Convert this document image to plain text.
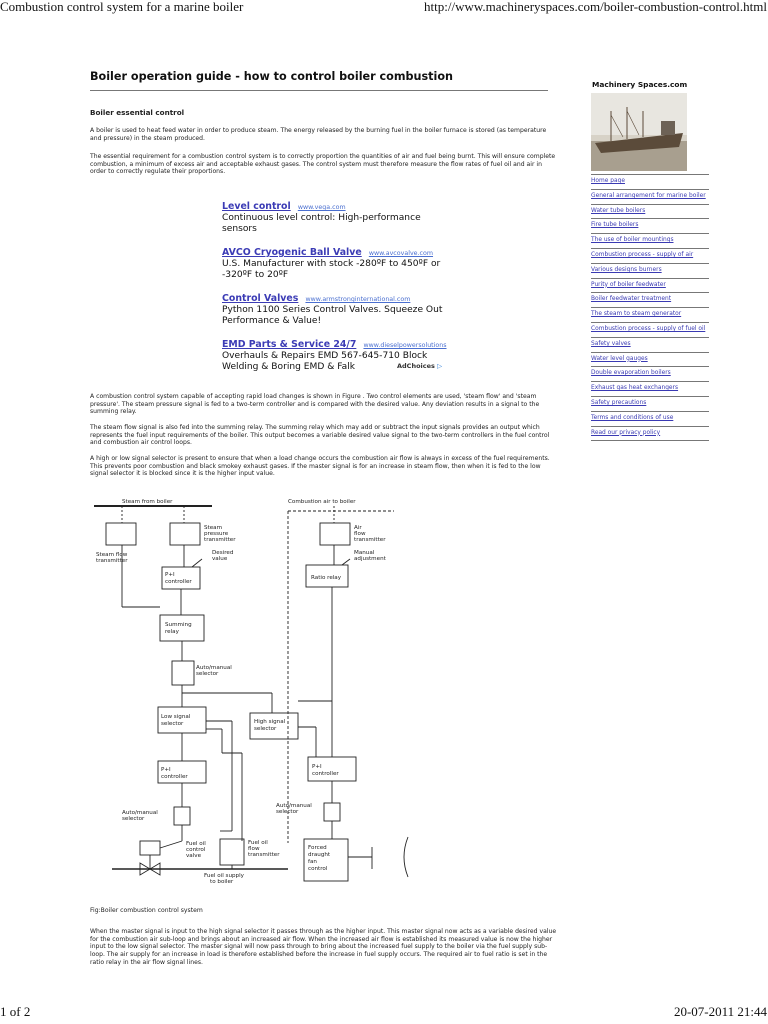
Combustion control system for a marine boiler	http://www.machineryspaces.com/boiler-combustion-control.html
Boiler operation guide - how to control boiler combustion
Boiler essential control
A boiler is used to heat feed water in order to produce steam. The energy released by the burning fuel in the boiler furnace is stored (as temperature and pressure) in the steam produced.
The essential requirement for a combustion control system is to correctly proportion the quantities of air and fuel being burnt. This will ensure complete combustion, a minimum of excess air and acceptable exhaust gases. The control system must therefore measure the flow rates of fuel oil and air in order to correctly regulate their proportions.
Level control www.vega.com
Continuous level control: High-performance sensors
AVCO Cryogenic Ball Valve www.avcovalve.com
U.S. Manufacturer with stock -280ºF to 450ºF or -320ºF to 20ºF
Control Valves www.armstronginternational.com
Python 1100 Series Control Valves. Squeeze Out Performance & Value!
EMD Parts & Service 24/7 www.dieselpowersolutions
Overhauls & Repairs EMD 567-645-710 Block Welding & Boring EMD & Falk	AdChoices ▷
A combustion control system capable of accepting rapid load changes is shown in Figure . Two control elements are used, 'steam flow' and 'steam pressure'. The steam pressure signal is fed to a two-term controller and is compared with the desired value. Any deviation results in a signal to the summing relay.
The steam flow signal is also fed into the summing relay. The summing relay which may add or subtract the input signals provides an output which represents the fuel input requirements of the boiler. This output becomes a variable desired value signal to the two-term controllers in the fuel control and combustion air control loops.
A high or low signal selector is present to ensure that when a load change occurs the combustion air flow is always in excess of the fuel requirements. This prevents poor combustion and black smokey exhaust gases. If the master signal is for an increase in steam flow, then when it is fed to the low signal selector it is blocked since it is the higher input value.
Steam from boiler	Combustion air to boiler
Steam flow
transmitter
Steam
pressure
transmitter
Desired
value
Air
flow
transmitter
Manual
adjustment
P+I
controller
Ratio relay
Summing
relay
Auto/manual
selector
Low signal
selector	High signal
selector
P+I
controller
P+I
controller
Auto/manual
selector
Auto/manual
selector
Fuel oil
control
valve
Fuel oil
flow
transmitter
Fuel oil supply
to boiler
Forced
draught
fan
control
Fig:Boiler combustion control system
When the master signal is input to the high signal selector it passes through as the higher input. This master signal now acts as a variable desired value for the combustion air sub-loop and brings about an increased air flow. When the increased air flow is established its measured value is now the higher input to the low signal selector. The master signal will now pass through to bring about the increased fuel supply to the boiler via the fuel supply sub-loop. The air supply for an increase in load is therefore established before the increase in fuel supply occurs. The required air to fuel ratio is set in the ratio relay in the air flow signal lines.
Machinery Spaces.com
Home page
General arrangement for marine boiler
Water tube boilers
Fire tube boilers
The use of boiler mountings
Combustion process - supply of air
Various designs burners
Purity of boiler feedwater
Boiler feedwater treatment
The steam to steam generator
Combustion process - supply of fuel oil
Safety valves
Water level gauges
Double evaporation boilers
Exhaust gas heat exchangers
Safety precautions
Terms and conditions of use
Read our privacy policy
1 of 2	20-07-2011 21:44
